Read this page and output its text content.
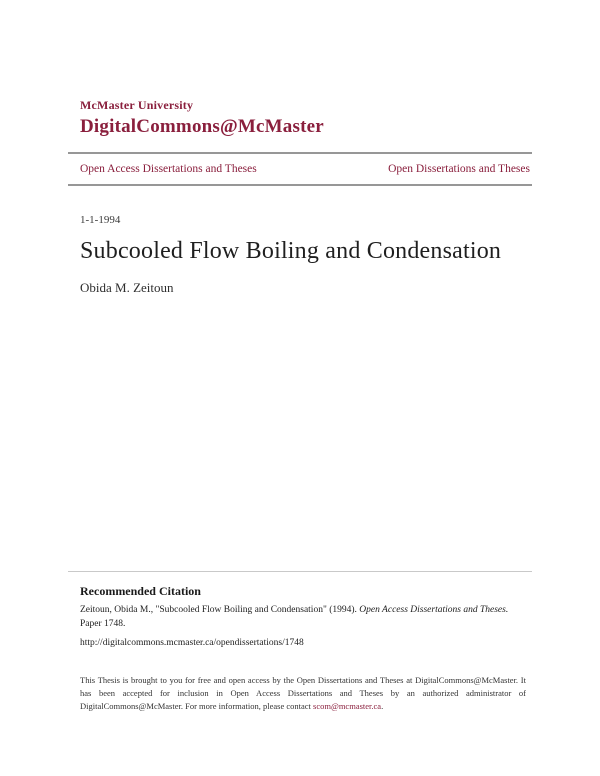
McMaster University
DigitalCommons@McMaster
Open Access Dissertations and Theses	Open Dissertations and Theses
1-1-1994
Subcooled Flow Boiling and Condensation
Obida M. Zeitoun
Recommended Citation

Zeitoun, Obida M., "Subcooled Flow Boiling and Condensation" (1994). Open Access Dissertations and Theses. Paper 1748.

http://digitalcommons.mcmaster.ca/opendissertations/1748

This Thesis is brought to you for free and open access by the Open Dissertations and Theses at DigitalCommons@McMaster. It has been accepted for inclusion in Open Access Dissertations and Theses by an authorized administrator of DigitalCommons@McMaster. For more information, please contact scom@mcmaster.ca.
